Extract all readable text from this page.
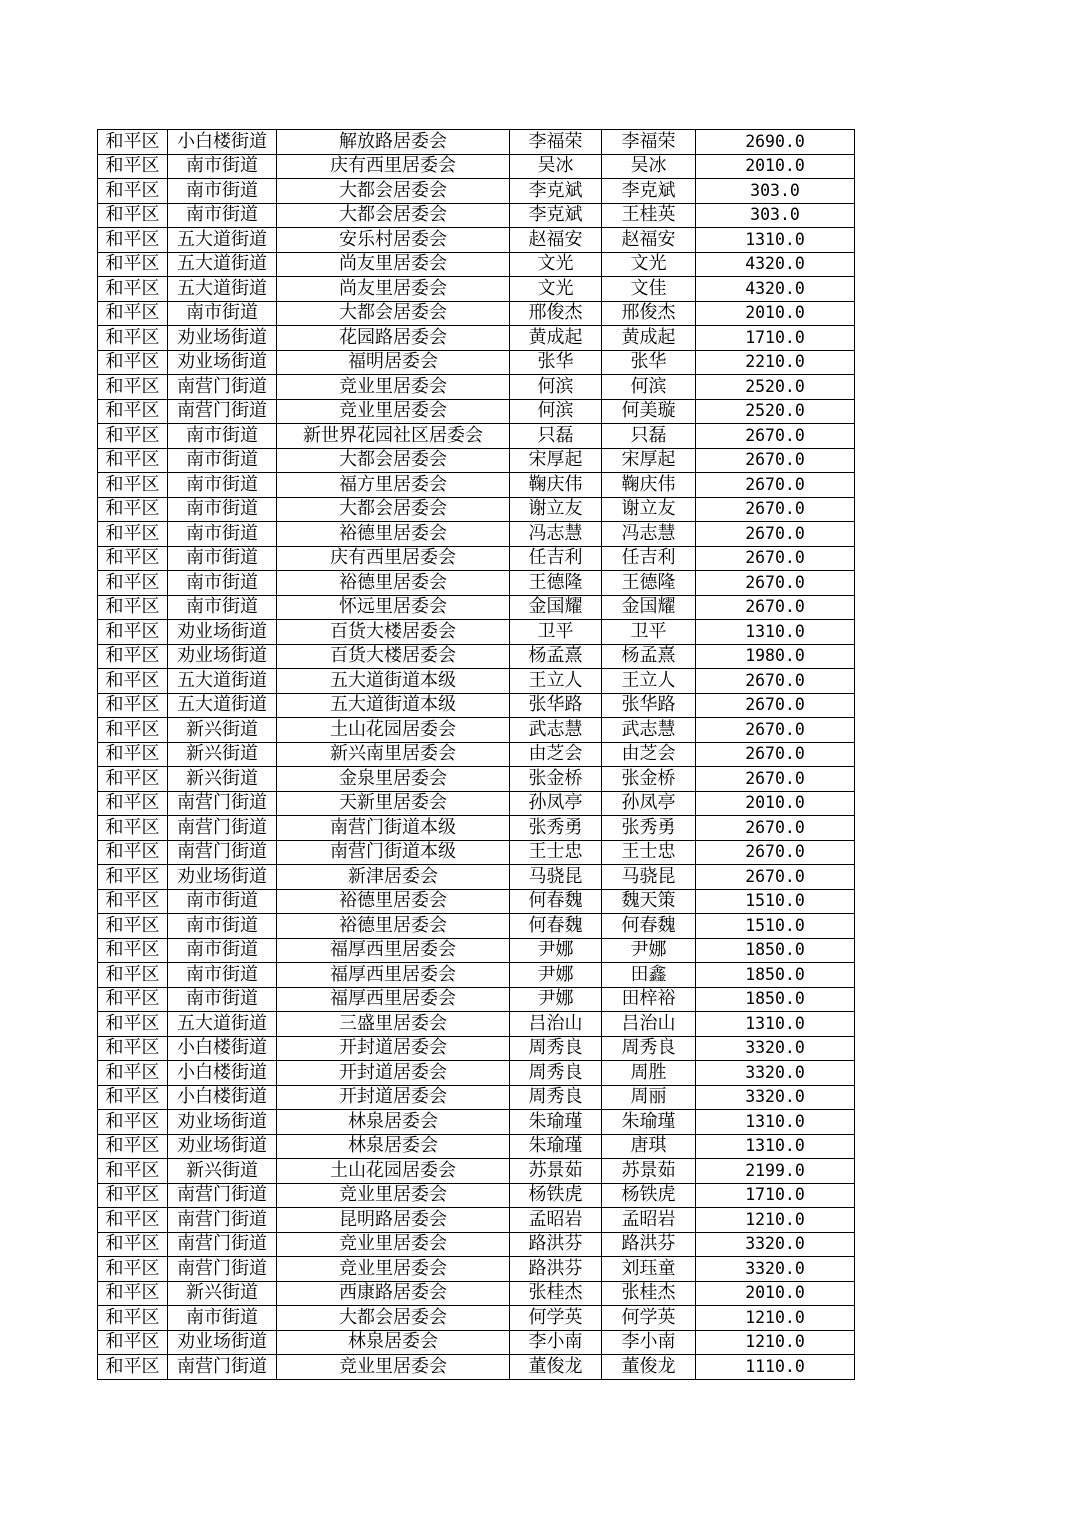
和平区	小白楼街道	解放路居委会	李福荣	李福荣	2690.0
和平区	南市街道	庆有西里居委会	吴冰	吴冰	2010.0
和平区	南市街道	大都会居委会	李克斌	李克斌	303.0
和平区	南市街道	大都会居委会	李克斌	王桂英	303.0
和平区	五大道街道	安乐村居委会	赵福安	赵福安	1310.0
和平区	五大道街道	尚友里居委会	文光	文光	4320.0
和平区	五大道街道	尚友里居委会	文光	文佳	4320.0
和平区	南市街道	大都会居委会	邢俊杰	邢俊杰	2010.0
和平区	劝业场街道	花园路居委会	黄成起	黄成起	1710.0
和平区	劝业场街道	福明居委会	张华	张华	2210.0
和平区	南营门街道	竞业里居委会	何滨	何滨	2520.0
和平区	南营门街道	竞业里居委会	何滨	何美璇	2520.0
和平区	南市街道	新世界花园社区居委会	只磊	只磊	2670.0
和平区	南市街道	大都会居委会	宋厚起	宋厚起	2670.0
和平区	南市街道	福方里居委会	鞠庆伟	鞠庆伟	2670.0
和平区	南市街道	大都会居委会	谢立友	谢立友	2670.0
和平区	南市街道	裕德里居委会	冯志慧	冯志慧	2670.0
和平区	南市街道	庆有西里居委会	任吉利	任吉利	2670.0
和平区	南市街道	裕德里居委会	王德隆	王德隆	2670.0
和平区	南市街道	怀远里居委会	金国耀	金国耀	2670.0
和平区	劝业场街道	百货大楼居委会	卫平	卫平	1310.0
和平区	劝业场街道	百货大楼居委会	杨孟熹	杨孟熹	1980.0
和平区	五大道街道	五大道街道本级	王立人	王立人	2670.0
和平区	五大道街道	五大道街道本级	张华路	张华路	2670.0
和平区	新兴街道	土山花园居委会	武志慧	武志慧	2670.0
和平区	新兴街道	新兴南里居委会	由芝会	由芝会	2670.0
和平区	新兴街道	金泉里居委会	张金桥	张金桥	2670.0
和平区	南营门街道	天新里居委会	孙凤亭	孙凤亭	2010.0
和平区	南营门街道	南营门街道本级	张秀勇	张秀勇	2670.0
和平区	南营门街道	南营门街道本级	王士忠	王士忠	2670.0
和平区	劝业场街道	新津居委会	马骁昆	马骁昆	2670.0
和平区	南市街道	裕德里居委会	何春魏	魏天策	1510.0
和平区	南市街道	裕德里居委会	何春魏	何春魏	1510.0
和平区	南市街道	福厚西里居委会	尹娜	尹娜	1850.0
和平区	南市街道	福厚西里居委会	尹娜	田鑫	1850.0
和平区	南市街道	福厚西里居委会	尹娜	田梓裕	1850.0
和平区	五大道街道	三盛里居委会	吕治山	吕治山	1310.0
和平区	小白楼街道	开封道居委会	周秀良	周秀良	3320.0
和平区	小白楼街道	开封道居委会	周秀良	周胜	3320.0
和平区	小白楼街道	开封道居委会	周秀良	周丽	3320.0
和平区	劝业场街道	林泉居委会	朱瑜瑾	朱瑜瑾	1310.0
和平区	劝业场街道	林泉居委会	朱瑜瑾	唐琪	1310.0
和平区	新兴街道	土山花园居委会	苏景茹	苏景茹	2199.0
和平区	南营门街道	竞业里居委会	杨铁虎	杨铁虎	1710.0
和平区	南营门街道	昆明路居委会	孟昭岩	孟昭岩	1210.0
和平区	南营门街道	竞业里居委会	路洪芬	路洪芬	3320.0
和平区	南营门街道	竞业里居委会	路洪芬	刘珏童	3320.0
和平区	新兴街道	西康路居委会	张桂杰	张桂杰	2010.0
和平区	南市街道	大都会居委会	何学英	何学英	1210.0
和平区	劝业场街道	林泉居委会	李小南	李小南	1210.0
和平区	南营门街道	竞业里居委会	董俊龙	董俊龙	1110.0
